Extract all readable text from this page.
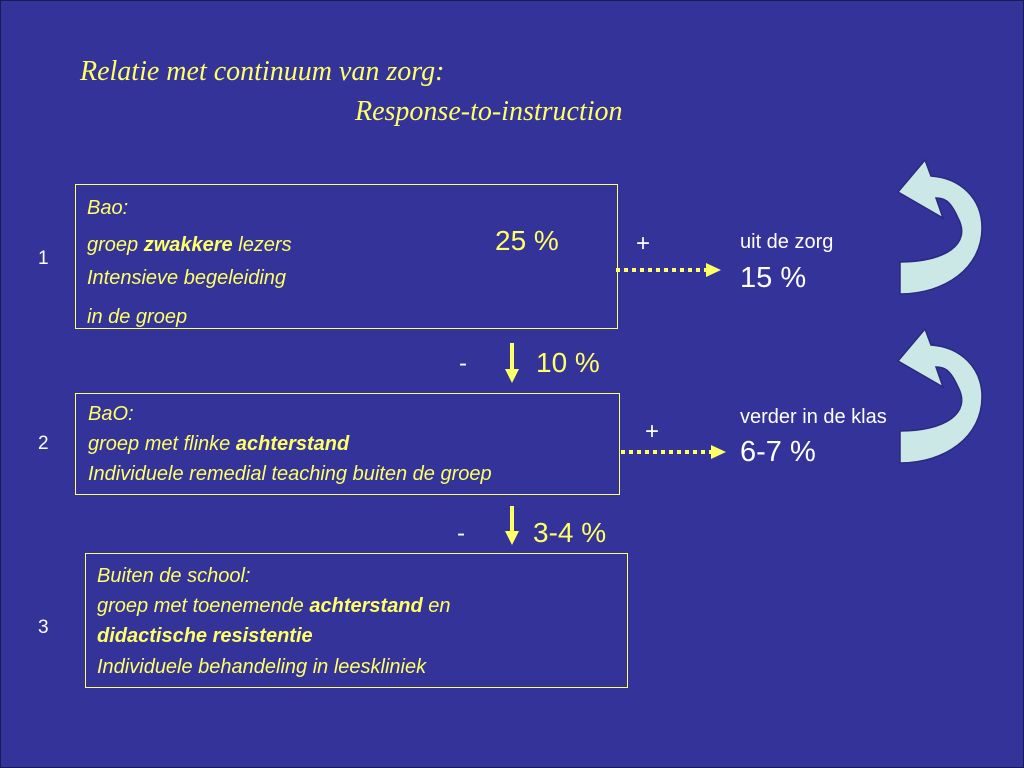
Relatie met continuum van zorg:
Response-to-instruction
1
Bao:
groep zwakkere lezers
Intensieve begeleiding
in de groep
25 %	+	uit de zorg
15 %
- 10 %
2
BaO:
groep met flinke achterstand
Individuele remedial teaching buiten de groep
+
verder in de klas
6-7 %
- 3-4 %
3
Buiten de school:
groep met toenemende achterstand en
didactische resistentie
Individuele behandeling in leeskliniek
